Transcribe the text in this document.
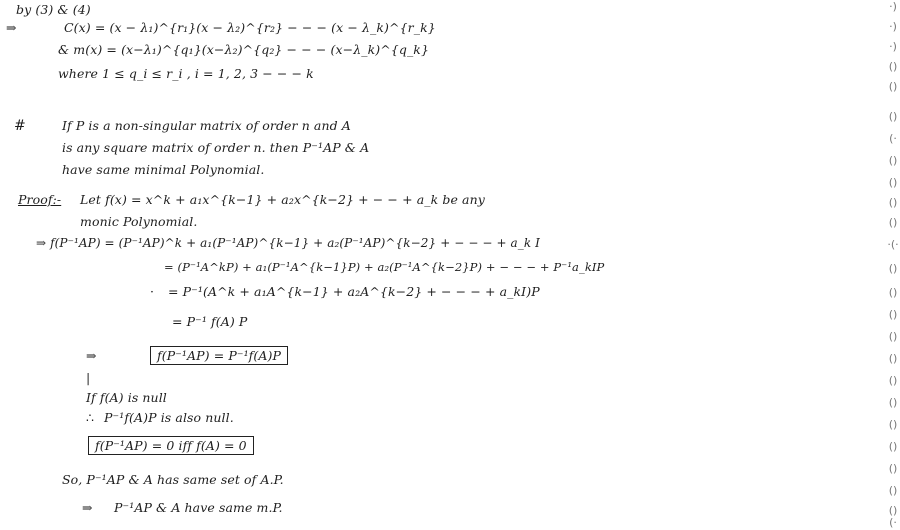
by (3) & (4)
⇒	C(x) = (x − λ₁)^{r₁}(x − λ₂)^{r₂} − − − (x − λ_k)^{r_k}
& m(x) = (x−λ₁)^{q₁}(x−λ₂)^{q₂} − − − (x−λ_k)^{q_k}
where 1 ≤ q_i ≤ r_i , i = 1, 2, 3 − − − k
#	If P is a non-singular matrix of order n and A
is any square matrix of order n. then P⁻¹AP & A
have same minimal Polynomial.
Proof:- Let f(x) = x^k + a₁x^{k−1} + a₂x^{k−2} + − − + a_k be any
monic Polynomial.
⇒ f(P⁻¹AP) = (P⁻¹AP)^k + a₁(P⁻¹AP)^{k−1} + a₂(P⁻¹AP)^{k−2} + − − − + a_k I
= (P⁻¹A^kP) + a₁(P⁻¹A^{k−1}P) + a₂(P⁻¹A^{k−2}P) + − − − + P⁻¹a_kIP
· = P⁻¹(A^k + a₁A^{k−1} + a₂A^{k−2} + − − − + a_kI)P
= P⁻¹ f(A) P
⇒	f(P⁻¹AP) = P⁻¹f(A)P
|
If f(A) is null
∴ P⁻¹f(A)P is also null.
f(P⁻¹AP) = 0 iff f(A) = 0
So, P⁻¹AP & A has same set of A.P.
⇒ P⁻¹AP & A have same m.P.
·)
·)
·)
()
()
()
(·
()
()
()
()
·(·
()
()
()
()
()
()
()
()
()
()
()
()
(·
